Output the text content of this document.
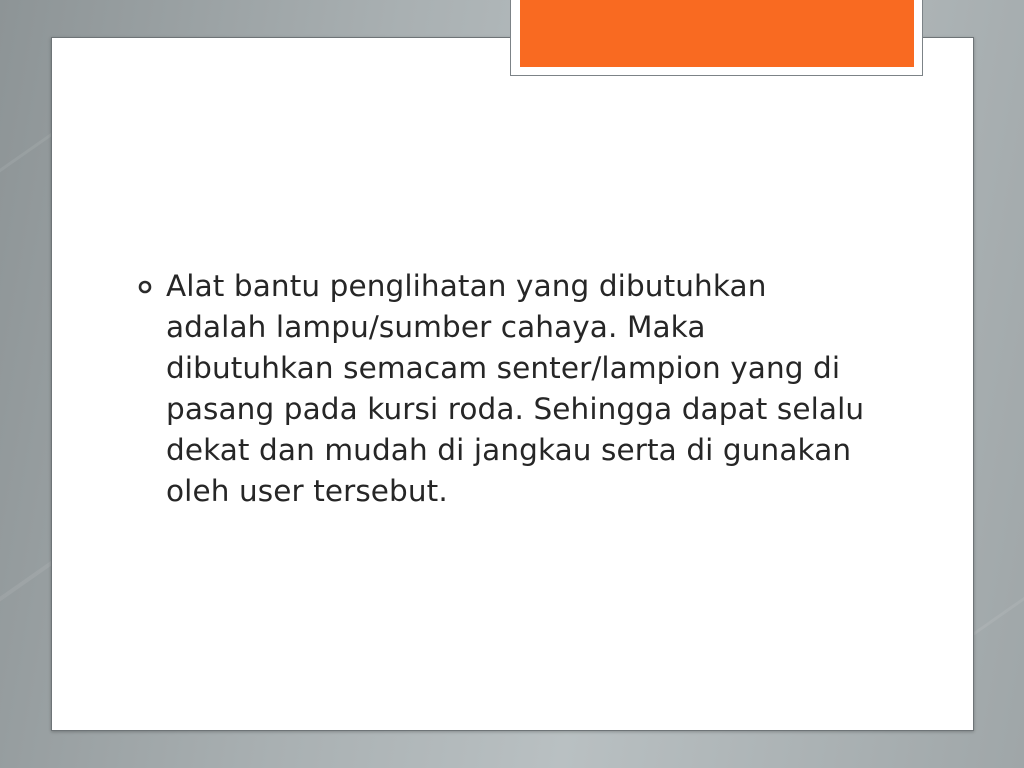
Alat bantu penglihatan yang dibutuhkan adalah lampu/sumber cahaya. Maka dibutuhkan semacam senter/lampion yang di pasang pada kursi roda. Sehingga dapat selalu dekat dan mudah di jangkau serta di gunakan oleh user tersebut.
